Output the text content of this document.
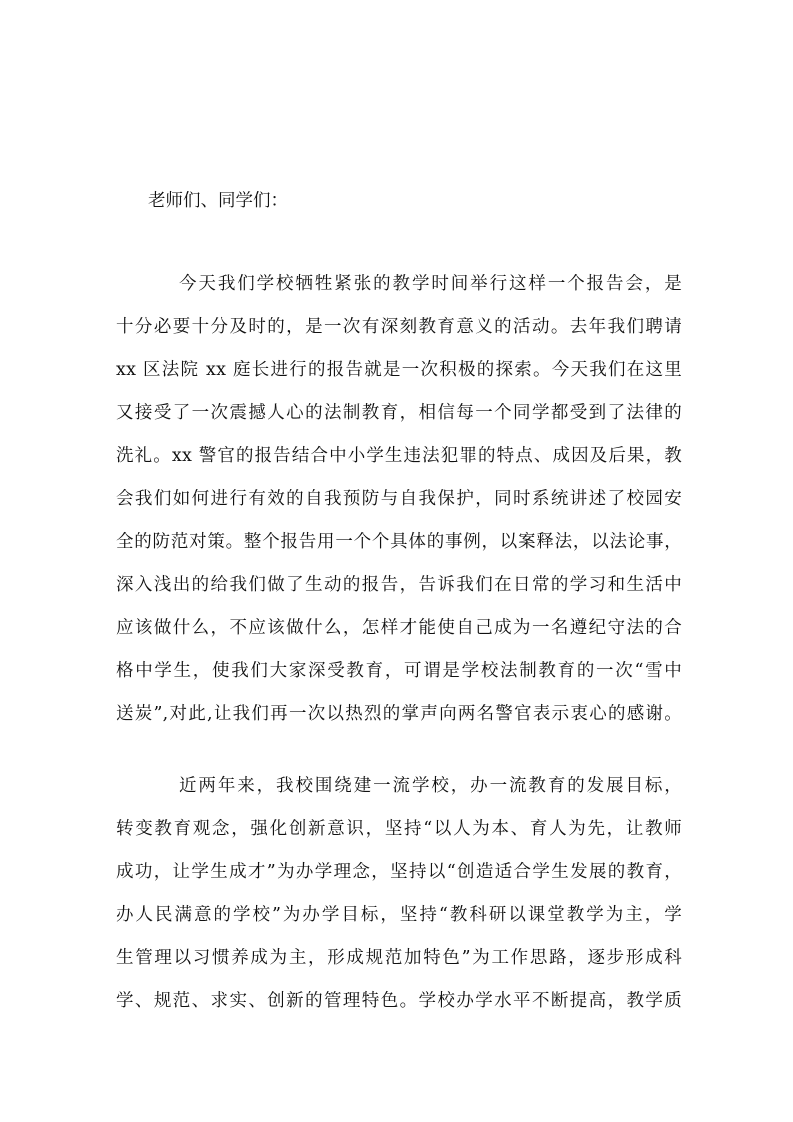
老师们、同学们：
今天我们学校牺牲紧张的教学时间举行这样一个报告会，是
十分必要十分及时的，是一次有深刻教育意义的活动。去年我们聘请
xx 区法院 xx 庭长进行的报告就是一次积极的探索。今天我们在这里
又接受了一次震撼人心的法制教育，相信每一个同学都受到了法律的
洗礼。xx 警官的报告结合中小学生违法犯罪的特点、成因及后果，教
会我们如何进行有效的自我预防与自我保护，同时系统讲述了校园安
全的防范对策。整个报告用一个个具体的事例，以案释法，以法论事，
深入浅出的给我们做了生动的报告，告诉我们在日常的学习和生活中
应该做什么，不应该做什么，怎样才能使自己成为一名遵纪守法的合
格中学生，使我们大家深受教育，可谓是学校法制教育的一次“雪中
送炭”,对此,让我们再一次以热烈的掌声向两名警官表示衷心的感谢。
近两年来，我校围绕建一流学校，办一流教育的发展目标，
转变教育观念，强化创新意识，坚持“以人为本、育人为先，让教师
成功，让学生成才”为办学理念，坚持以“创造适合学生发展的教育，
办人民满意的学校”为办学目标，坚持“教科研以课堂教学为主，学
生管理以习惯养成为主，形成规范加特色”为工作思路，逐步形成科
学、规范、求实、创新的管理特色。学校办学水平不断提高，教学质
